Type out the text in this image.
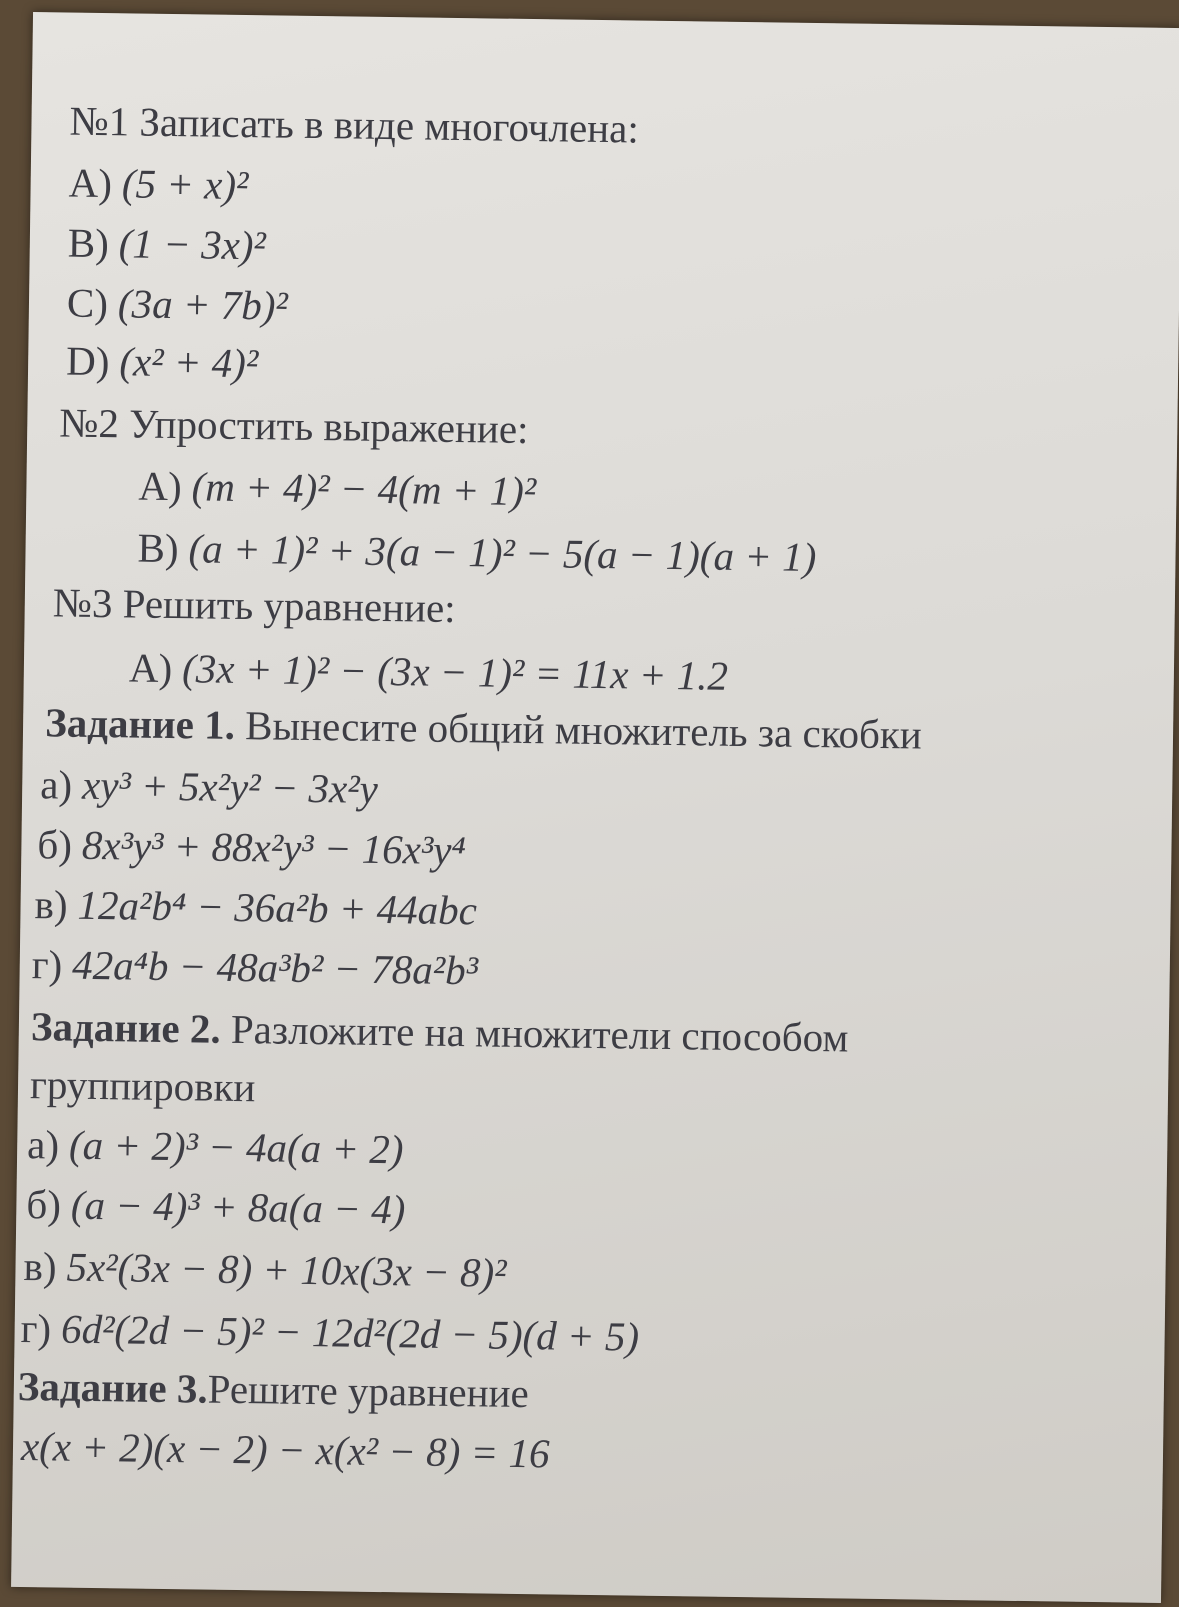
№1 Записать в виде многочлена:
A) (5 + x)²
B) (1 − 3x)²
C) (3a + 7b)²
D) (x² + 4)²
№2 Упростить выражение:
A) (m + 4)² − 4(m + 1)²
B) (a + 1)² + 3(a − 1)² − 5(a − 1)(a + 1)
№3 Решить уравнение:
A) (3x + 1)² − (3x − 1)² = 11x + 1.2
Задание 1. Вынесите общий множитель за скобки
а) xy³ + 5x²y² − 3x²y
б) 8x³y³ + 88x²y³ − 16x³y⁴
в) 12a²b⁴ − 36a²b + 44abc
г) 42a⁴b − 48a³b² − 78a²b³
Задание 2. Разложите на множители способом
группировки
а) (a + 2)³ − 4a(a + 2)
б) (a − 4)³ + 8a(a − 4)
в) 5x²(3x − 8) + 10x(3x − 8)²
г) 6d²(2d − 5)² − 12d²(2d − 5)(d + 5)
Задание 3.Решите уравнение
x(x + 2)(x − 2) − x(x² − 8) = 16
